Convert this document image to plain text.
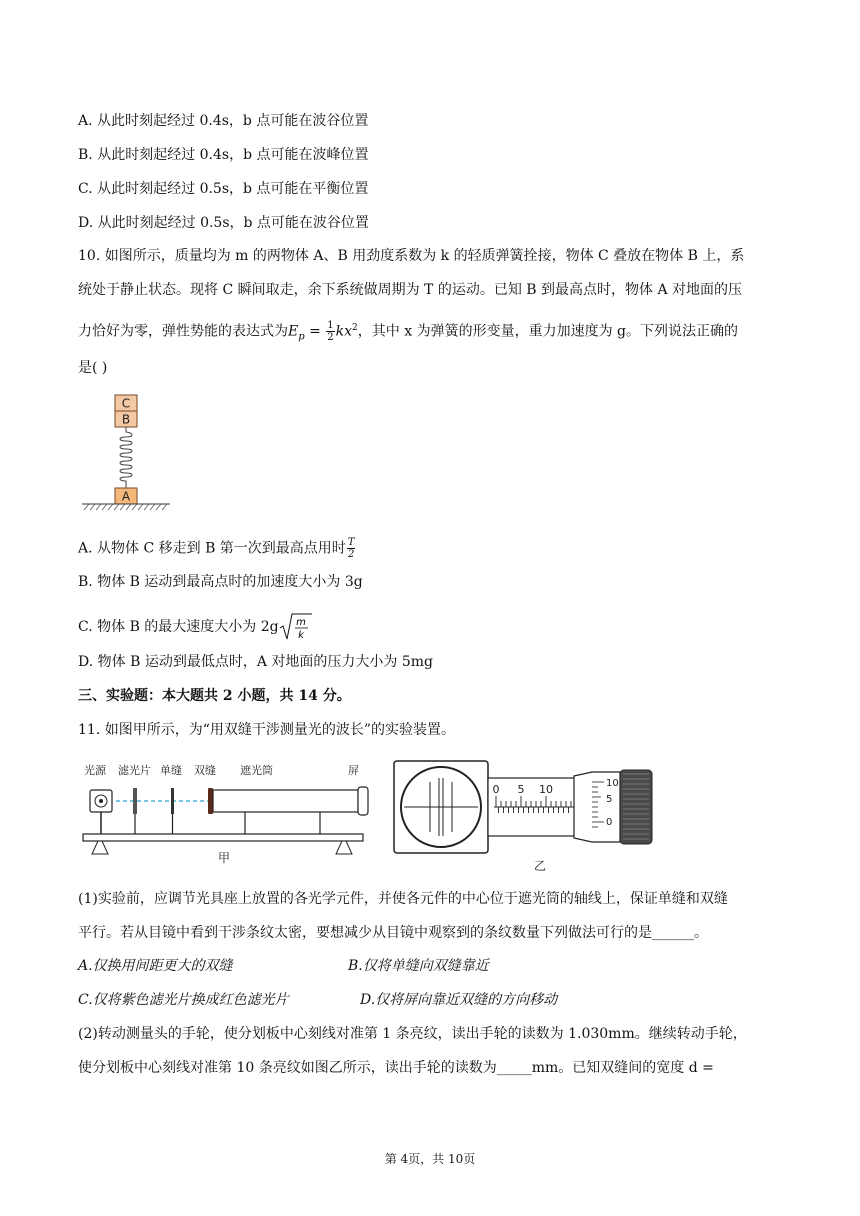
A. 从此时刻起经过 0.4s，b 点可能在波谷位置
B. 从此时刻起经过 0.4s，b 点可能在波峰位置
C. 从此时刻起经过 0.5s，b 点可能在平衡位置
D. 从此时刻起经过 0.5s，b 点可能在波谷位置
10. 如图所示，质量均为 m 的两物体 A、B 用劲度系数为 k 的轻质弹簧拴接，物体 C 叠放在物体 B 上，系
统处于静止状态。现将 C 瞬间取走，余下系统做周期为 T 的运动。已知 B 到最高点时，物体 A 对地面的压
力恰好为零，弹性势能的表达式为$E_p = \frac{1}{2} kx^2$，其中 x 为弹簧的形变量，重力加速度为 g。下列说法正确的
是( )
C
B
A
A. 从物体 C 移走到 B 第一次到最高点用时 $\frac{T}{2}$
B. 物体 B 运动到最高点时的加速度大小为 3g
C. 物体 B 的最大速度大小为 2g m
k
D. 物体 B 运动到最低点时，A 对地面的压力大小为 5mg
三、实验题：本大题共 2 小题，共 14 分。
11. 如图甲所示，为“用双缝干涉测量光的波长”的实验装置。
光源 滤光片 单缝 双缝 遮光筒	屏
甲
0 5 10	10
5
0
乙
(1)实验前，应调节光具座上放置的各光学元件，并使各元件的中心位于遮光筒的轴线上，保证单缝和双缝
平行。若从目镜中看到干涉条纹太密，要想减少从目镜中观察到的条纹数量下列做法可行的是______。
A.仅换用间距更大的双缝	B.仅将单缝向双缝靠近
C.仅将紫色滤光片换成红色滤光片	D.仅将屏向靠近双缝的方向移动
(2)转动测量头的手轮，使分划板中心刻线对准第 1 条亮纹，读出手轮的读数为 1.030mm。继续转动手轮，
使分划板中心刻线对准第 10 条亮纹如图乙所示，读出手轮的读数为_____mm。已知双缝间的宽度 d =
第 4页，共 10页
